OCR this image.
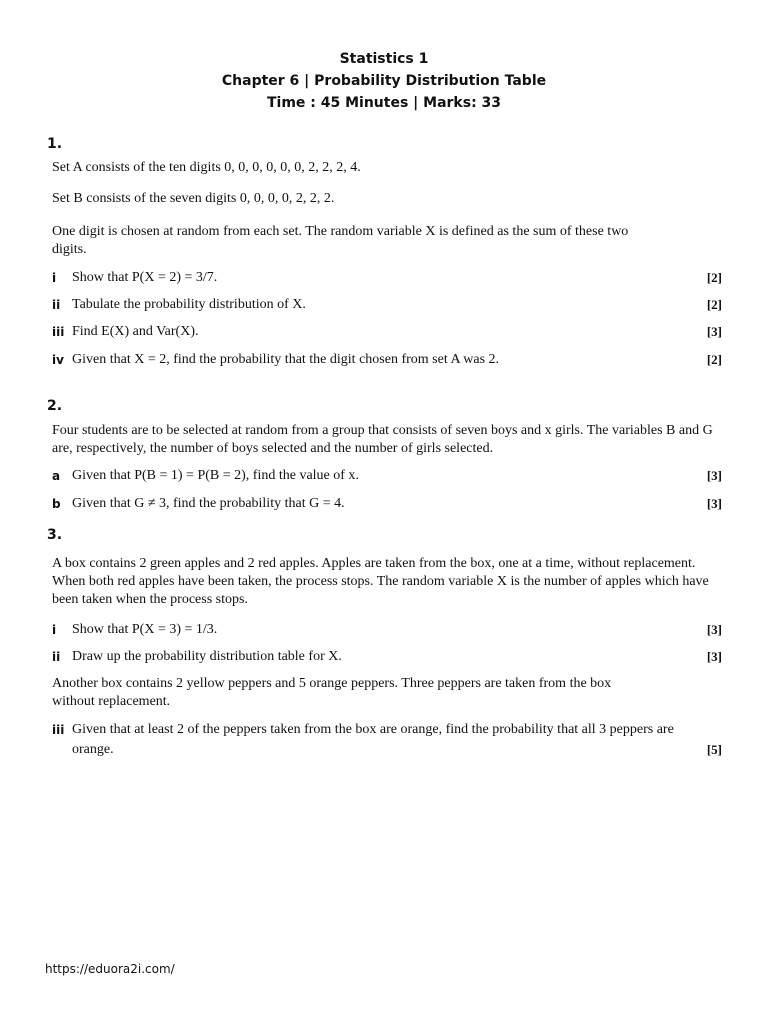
Statistics 1
Chapter 6 | Probability Distribution Table
Time : 45 Minutes | Marks: 33
1.
Set A consists of the ten digits 0, 0, 0, 0, 0, 0, 2, 2, 2, 4.
Set B consists of the seven digits 0, 0, 0, 0, 2, 2, 2.
One digit is chosen at random from each set. The random variable X is defined as the sum of these two digits.
i Show that P(X = 2) = 3/7.	[2]
ii Tabulate the probability distribution of X.	[2]
iii Find E(X) and Var(X).	[3]
iv Given that X = 2, find the probability that the digit chosen from set A was 2.	[2]
2.
Four students are to be selected at random from a group that consists of seven boys and x girls. The variables B and G are, respectively, the number of boys selected and the number of girls selected.
a Given that P(B = 1) = P(B = 2), find the value of x.	[3]
b Given that G ≠ 3, find the probability that G = 4.	[3]
3.
A box contains 2 green apples and 2 red apples. Apples are taken from the box, one at a time, without replacement. When both red apples have been taken, the process stops. The random variable X is the number of apples which have been taken when the process stops.
i Show that P(X = 3) = 1/3.	[3]
ii Draw up the probability distribution table for X.	[3]
Another box contains 2 yellow peppers and 5 orange peppers. Three peppers are taken from the box without replacement.
iii Given that at least 2 of the peppers taken from the box are orange, find the probability that all 3 peppers are orange.	[5]
https://eduora2i.com/
